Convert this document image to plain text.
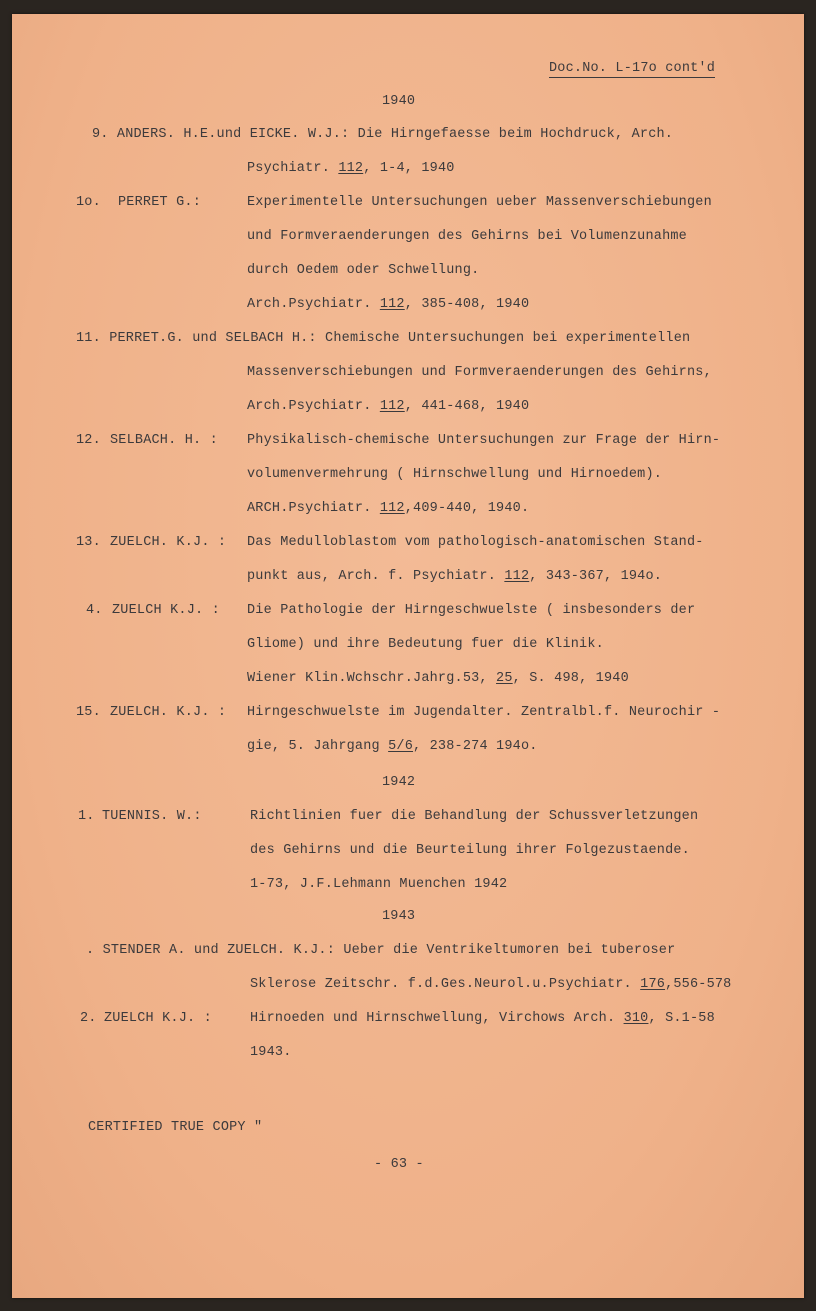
Doc.No. L-17o cont'd
1940
9. ANDERS. H.E.und EICKE. W.J.: Die Hirngefaesse beim Hochdruck, Arch.
Psychiatr. 112, 1-4, 1940
1o. PERRET G.:	Experimentelle Untersuchungen ueber Massenverschiebungen
und Formveraenderungen des Gehirns bei Volumenzunahme
durch Oedem oder Schwellung.
Arch.Psychiatr. 112, 385-408, 1940
11. PERRET.G. und SELBACH H.: Chemische Untersuchungen bei experimentellen
Massenverschiebungen und Formveraenderungen des Gehirns,
Arch.Psychiatr. 112, 441-468, 1940
12. SELBACH. H. : Physikalisch-chemische Untersuchungen zur Frage der Hirn-
volumenvermehrung ( Hirnschwellung und Hirnoedem).
ARCH.Psychiatr. 112,409-440, 1940.
13. ZUELCH. K.J. : Das Medulloblastom vom pathologisch-anatomischen Stand-
punkt aus, Arch. f. Psychiatr. 112, 343-367, 194o.
4. ZUELCH K.J. : Die Pathologie der Hirngeschwuelste ( insbesonders der
Gliome) und ihre Bedeutung fuer die Klinik.
Wiener Klin.Wchschr.Jahrg.53, 25, S. 498, 1940
15. ZUELCH. K.J. : Hirngeschwuelste im Jugendalter. Zentralbl.f. Neurochir -
gie, 5. Jahrgang 5/6, 238-274 194o.
1942
1. TUENNIS. W.:	Richtlinien fuer die Behandlung der Schussverletzungen
des Gehirns und die Beurteilung ihrer Folgezustaende.
1-73, J.F.Lehmann Muenchen 1942
1943
. STENDER A. und ZUELCH. K.J.: Ueber die Ventrikeltumoren bei tuberoser
Sklerose Zeitschr. f.d.Ges.Neurol.u.Psychiatr. 176,556-578
2. ZUELCH K.J. :	Hirnoeden und Hirnschwellung, Virchows Arch. 310, S.1-58
1943.
CERTIFIED TRUE COPY "
- 63 -
